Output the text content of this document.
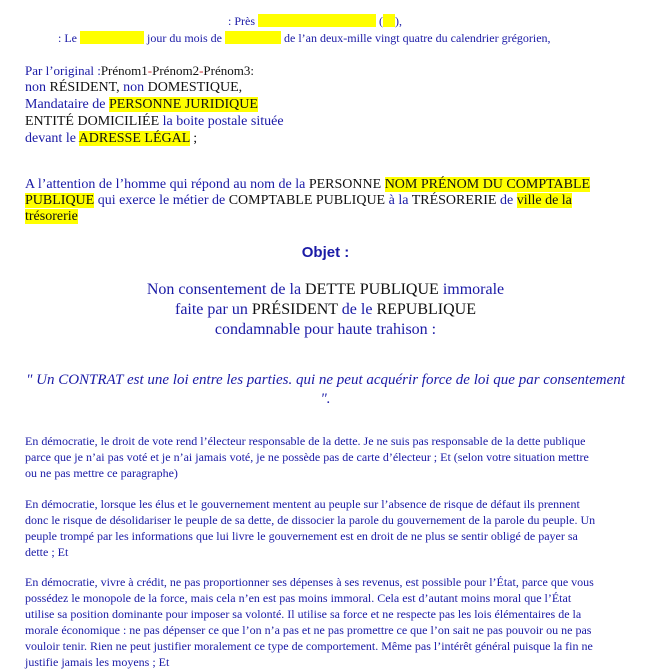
: Près	( ),
: Le	jour du mois de	de l’an deux-mille vingt quatre du calendrier grégorien,
Par l’original :Prénom1-Prénom2-Prénom3:
non RÉSIDENT, non DOMESTIQUE,
Mandataire de PERSONNE JURIDIQUE
ENTITÉ DOMICILIÉE la boite postale située
devant le ADRESSE LÉGAL ;
A l’attention de l’homme qui répond au nom de la PERSONNE NOM PRÉNOM DU COMPTABLE PUBLIQUE qui exerce le métier de COMPTABLE PUBLIQUE à la TRÉSORERIE de ville de la trésorerie
Objet :
Non consentement de la DETTE PUBLIQUE immorale
faite par un PRÉSIDENT de le REPUBLIQUE
condamnable pour haute trahison :
" Un CONTRAT est une loi entre les parties. qui ne peut acquérir force de loi que par consentement ".
En démocratie, le droit de vote rend l’électeur responsable de la dette. Je ne suis pas responsable de la dette publique parce que je n’ai pas voté et je n’ai jamais voté, je ne possède pas de carte d’électeur ; Et (selon votre situation mettre ou ne pas mettre ce paragraphe)
En démocratie, lorsque les élus et le gouvernement mentent au peuple sur l’absence de risque de défaut ils prennent donc le risque de désolidariser le peuple de sa dette, de dissocier la parole du gouvernement de la parole du peuple. Un peuple trompé par les informations que lui livre le gouvernement est en droit de ne plus se sentir obligé de payer sa dette ; Et
En démocratie, vivre à crédit, ne pas proportionner ses dépenses à ses revenus, est possible pour l’État, parce que vous possédez le monopole de la force, mais cela n’en est pas moins immoral. Cela est d’autant moins moral que l’État utilise sa position dominante pour imposer sa volonté. Il utilise sa force et ne respecte pas les lois élémentaires de la morale économique : ne pas dépenser ce que l’on n’a pas et ne pas promettre ce que l’on sait ne pas pouvoir ou ne pas vouloir tenir. Rien ne peut justifier moralement ce type de comportement. Même pas l’intérêt général puisque la fin ne justifie jamais les moyens ; Et
